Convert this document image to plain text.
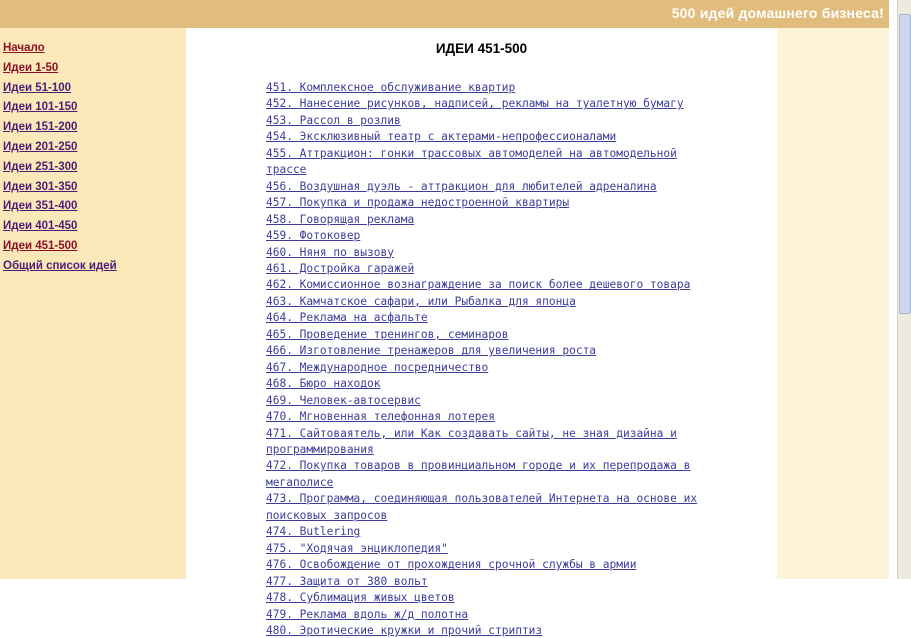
500 идей домашнего бизнеса!
Начало
Идеи 1-50
Идеи 51-100
Идеи 101-150
Идеи 151-200
Идеи 201-250
Идеи 251-300
Идеи 301-350
Идеи 351-400
Идеи 401-450
Идеи 451-500
Общий список идей
ИДЕИ 451-500
451. Комплексное обслуживание квартир
452. Нанесение рисунков, надписей, рекламы на туалетную бумагу
453. Рассол в розлив
454. Эксклюзивный театр с актерами-непрофессионалами
455. Аттракцион: гонки трассовых автомоделей на автомодельной трассе
456. Воздушная дуэль - аттракцион для любителей адреналина
457. Покупка и продажа недостроенной квартиры
458. Говорящая реклама
459. Фотоковер
460. Няня по вызову
461. Достройка гаражей
462. Комиссионное вознаграждение за поиск более дешевого товара
463. Камчатское сафари, или Рыбалка для японца
464. Реклама на асфальте
465. Проведение тренингов, семинаров
466. Изготовление тренажеров для увеличения роста
467. Международное посредничество
468. Бюро находок
469. Человек-автосервис
470. Мгновенная телефонная лотерея
471. Сайтоваятель, или Как создавать сайты, не зная дизайна и программирования
472. Покупка товаров в провинциальном городе и их перепродажа в мегаполисе
473. Программа, соединяющая пользователей Интернета на основе их поисковых запросов
474. Butlering
475. "Ходячая энциклопедия"
476. Освобождение от прохождения срочной службы в армии
477. Защита от 380 вольт
478. Сублимация живых цветов
479. Реклама вдоль ж/д полотна
480. Эротические кружки и прочий стриптиз
